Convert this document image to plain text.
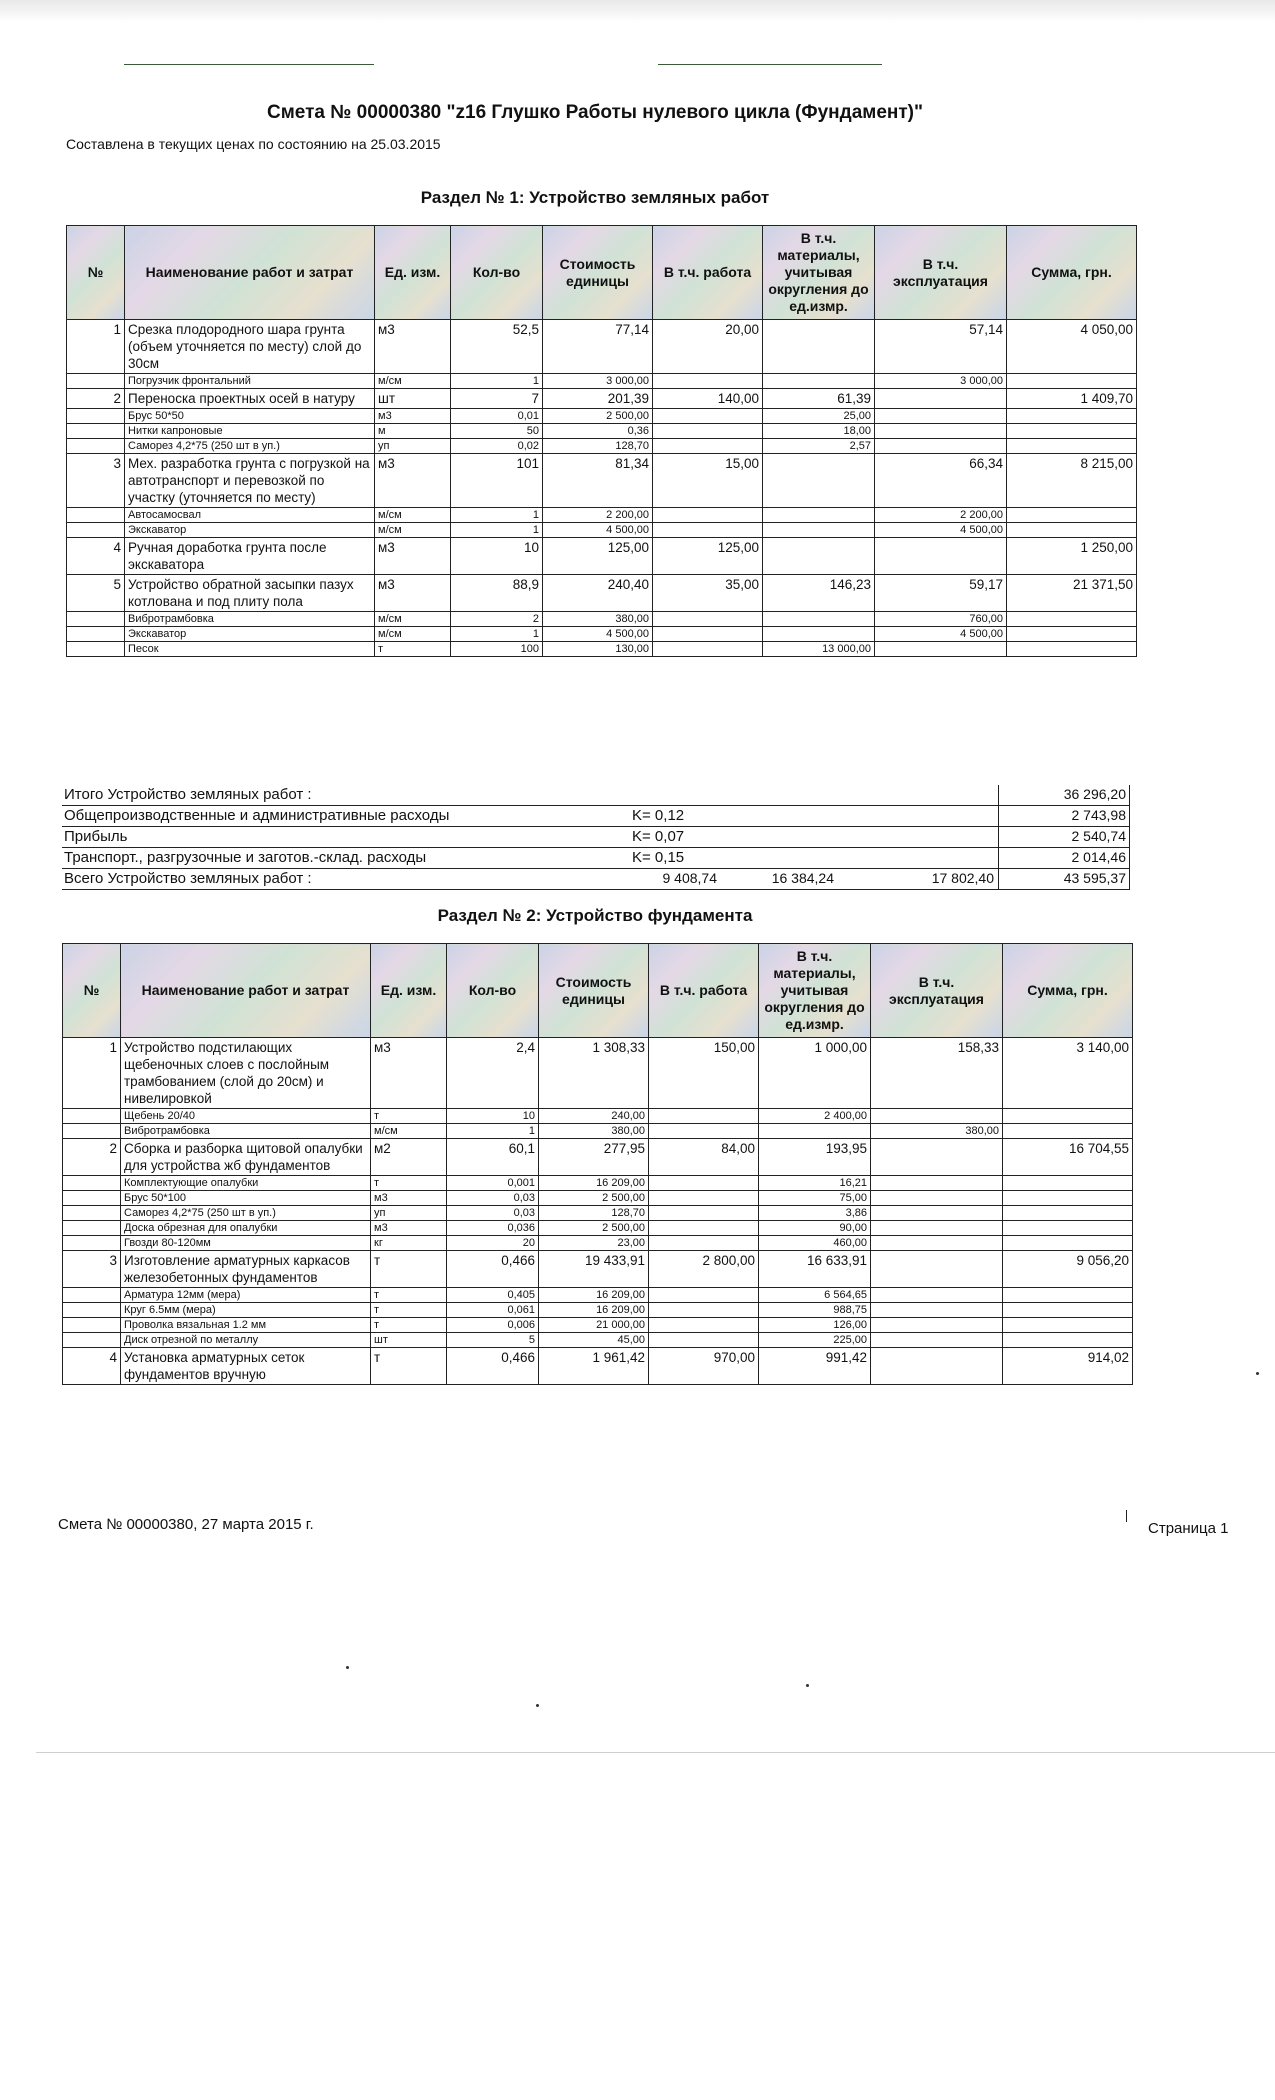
Смета № 00000380 "z16 Глушко Работы нулевого цикла (Фундамент)"
Составлена в текущих ценах по состоянию на 25.03.2015
Раздел № 1: Устройство земляных работ
№	Наименование работ и затрат	Ед. изм.	Кол-во	Стоимость единицы	В т.ч. работа	В т.ч. материалы, учитывая округления до ед.измр.	В т.ч. эксплуатация	Сумма, грн.
1	Срезка плодородного шара грунта (объем уточняется по месту) слой до 30см	м3	52,5	77,14	20,00		57,14	4 050,00
	Погрузчик фронтальний	м/см	1	3 000,00			3 000,00	
2	Переноска проектных осей в натуру	шт	7	201,39	140,00	61,39		1 409,70
	Брус 50*50	м3	0,01	2 500,00		25,00		
	Нитки капроновые	м	50	0,36		18,00		
	Саморез 4,2*75 (250 шт в уп.)	уп	0,02	128,70		2,57		
3	Мех. разработка грунта с погрузкой на автотранспорт и перевозкой по участку (уточняется по месту)	м3	101	81,34	15,00		66,34	8 215,00
	Автосамосвал	м/см	1	2 200,00			2 200,00	
	Экскаватор	м/см	1	4 500,00			4 500,00	
4	Ручная доработка грунта после экскаватора	м3	10	125,00	125,00			1 250,00
5	Устройство обратной засыпки пазух котлована и под плиту пола	м3	88,9	240,40	35,00	146,23	59,17	21 371,50
	Вибротрамбовка	м/см	2	380,00			760,00	
	Экскаватор	м/см	1	4 500,00			4 500,00	
	Песок	т	100	130,00		13 000,00		
Итого Устройство земляных работ :	36 296,20
Общепроизводственные и административные расходы	K= 0,12	2 743,98
Прибыль	K= 0,07	2 540,74
Транспорт., разгрузочные и заготов.-склад. расходы	K= 0,15	2 014,46
Всего Устройство земляных работ :	9 408,74	16 384,24	17 802,40	43 595,37
Раздел № 2: Устройство фундамента
№	Наименование работ и затрат	Ед. изм.	Кол-во	Стоимость единицы	В т.ч. работа	В т.ч. материалы, учитывая округления до ед.измр.	В т.ч. эксплуатация	Сумма, грн.
1	Устройство подстилающих щебеночных слоев с послойным трамбованием (слой до 20см) и нивелировкой	м3	2,4	1 308,33	150,00	1 000,00	158,33	3 140,00
	Щебень 20/40	т	10	240,00		2 400,00		
	Вибротрамбовка	м/см	1	380,00			380,00	
2	Сборка и разборка щитовой опалубки для устройства жб фундаментов	м2	60,1	277,95	84,00	193,95		16 704,55
	Комплектующие опалубки	т	0,001	16 209,00		16,21		
	Брус 50*100	м3	0,03	2 500,00		75,00		
	Саморез 4,2*75 (250 шт в уп.)	уп	0,03	128,70		3,86		
	Доска обрезная для опалубки	м3	0,036	2 500,00		90,00		
	Гвозди 80-120мм	кг	20	23,00		460,00		
3	Изготовление арматурных каркасов железобетонных фундаментов	т	0,466	19 433,91	2 800,00	16 633,91		9 056,20
	Арматура 12мм (мера)	т	0,405	16 209,00		6 564,65		
	Круг 6.5мм (мера)	т	0,061	16 209,00		988,75		
	Проволка вязальная 1.2 мм	т	0,006	21 000,00		126,00		
	Диск отрезной по металлу	шт	5	45,00		225,00		
4	Установка арматурных сеток фундаментов вручную	т	0,466	1 961,42	970,00	991,42		914,02
Смета № 00000380, 27 марта 2015 г.	Страница 1
